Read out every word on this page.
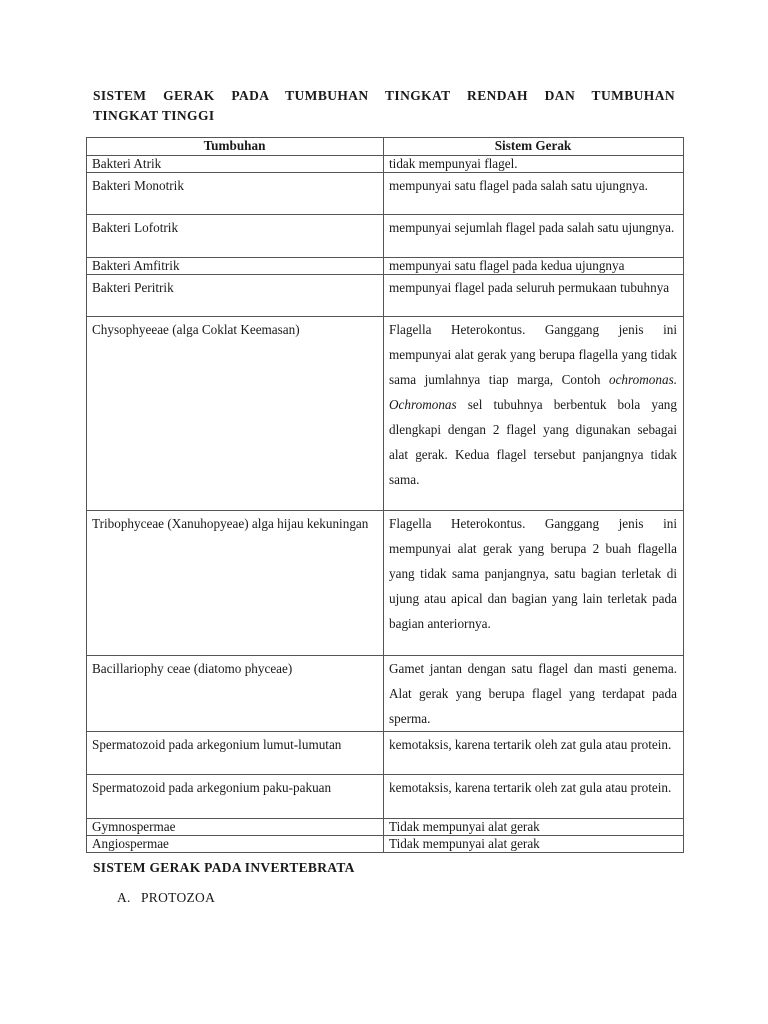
SISTEM GERAK PADA TUMBUHAN TINGKAT RENDAH DAN TUMBUHAN
TINGKAT TINGGI
Tumbuhan	Sistem Gerak
Bakteri Atrik	tidak mempunyai flagel.
Bakteri Monotrik	mempunyai satu flagel pada salah satu ujungnya.
Bakteri Lofotrik	mempunyai sejumlah flagel pada salah satu ujungnya.
Bakteri Amfitrik	mempunyai satu flagel pada kedua ujungnya
Bakteri Peritrik	mempunyai flagel pada seluruh permukaan tubuhnya
Chysophyeeae (alga Coklat Keemasan)	Flagella Heterokontus. Ganggang jenis ini mempunyai alat gerak yang berupa flagella yang tidak sama jumlahnya tiap marga, Contoh ochromonas. Ochromonas sel tubuhnya berbentuk bola yang dlengkapi dengan 2 flagel yang digunakan sebagai alat gerak. Kedua flagel tersebut panjangnya tidak sama.

Tribophyceae (Xanuhopyeae) alga hijau kekuningan	Flagella Heterokontus. Ganggang jenis ini mempunyai alat gerak yang berupa 2 buah flagella yang tidak sama panjangnya, satu bagian terletak di ujung atau apical dan bagian yang lain terletak pada bagian anteriornya.
Bacillariophy ceae (diatomo phyceae)	Gamet jantan dengan satu flagel dan masti genema. Alat gerak yang berupa flagel yang terdapat pada sperma.
Spermatozoid pada arkegonium lumut-lumutan	kemotaksis, karena tertarik oleh zat gula atau protein.
Spermatozoid pada arkegonium paku-pakuan	kemotaksis, karena tertarik oleh zat gula atau protein.
Gymnospermae	Tidak mempunyai alat gerak
Angiospermae	Tidak mempunyai alat gerak
SISTEM GERAK PADA INVERTEBRATA

A. PROTOZOA
